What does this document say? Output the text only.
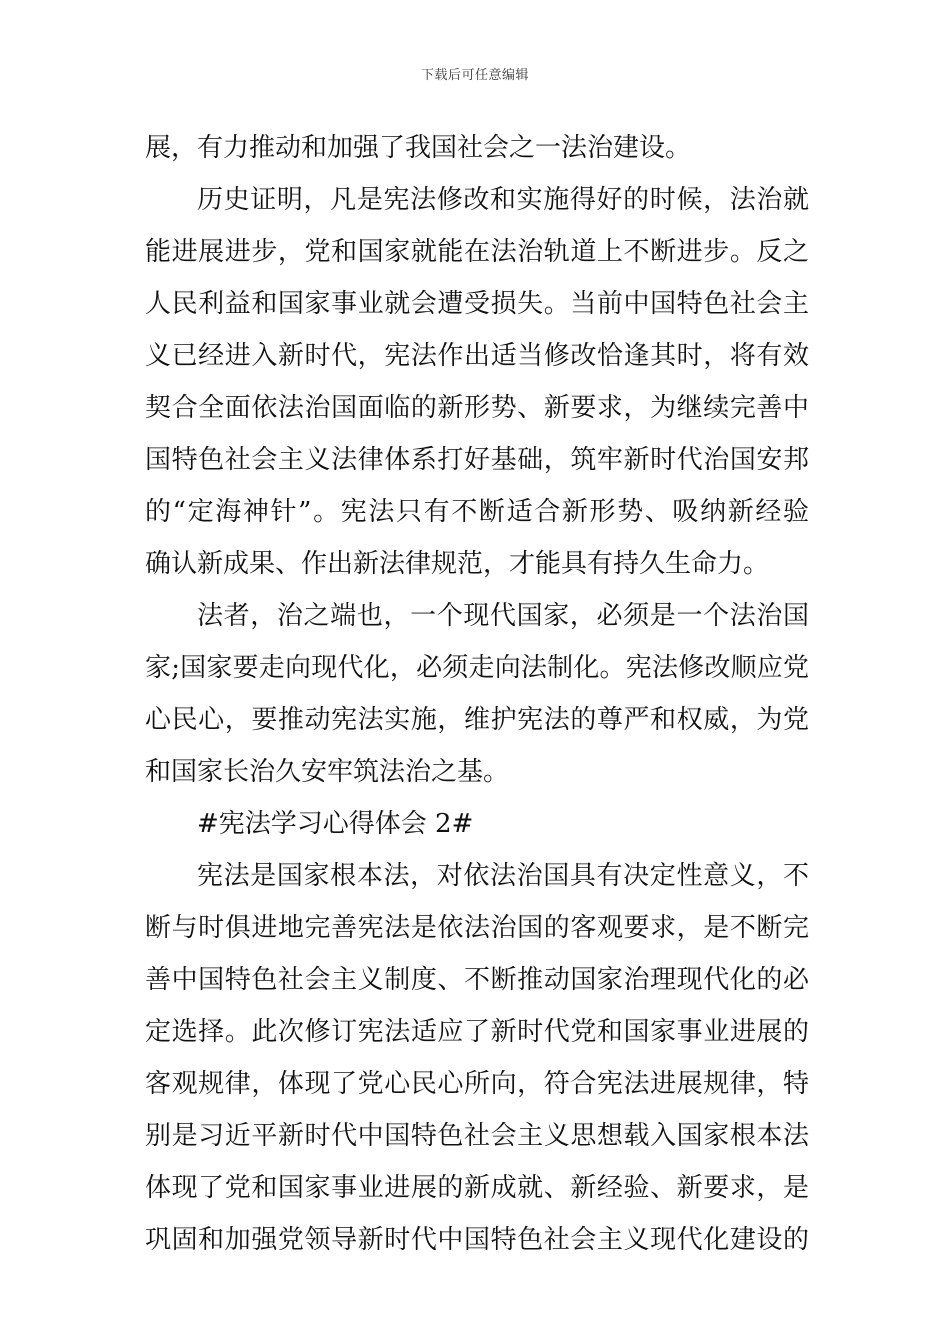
下载后可任意编辑
展，有力推动和加强了我国社会之一法治建设。
历史证明，凡是宪法修改和实施得好的时候，法治就
能进展进步，党和国家就能在法治轨道上不断进步。反之
人民利益和国家事业就会遭受损失。当前中国特色社会主
义已经进入新时代，宪法作出适当修改恰逢其时，将有效
契合全面依法治国面临的新形势、新要求，为继续完善中
国特色社会主义法律体系打好基础，筑牢新时代治国安邦
的“定海神针”。宪法只有不断适合新形势、吸纳新经验
确认新成果、作出新法律规范，才能具有持久生命力。
法者，治之端也，一个现代国家，必须是一个法治国
家;国家要走向现代化，必须走向法制化。宪法修改顺应党
心民心，要推动宪法实施，维护宪法的尊严和权威，为党
和国家长治久安牢筑法治之基。
#宪法学习心得体会 2#
宪法是国家根本法，对依法治国具有决定性意义，不
断与时俱进地完善宪法是依法治国的客观要求，是不断完
善中国特色社会主义制度、不断推动国家治理现代化的必
定选择。此次修订宪法适应了新时代党和国家事业进展的
客观规律，体现了党心民心所向，符合宪法进展规律，特
别是习近平新时代中国特色社会主义思想载入国家根本法
体现了党和国家事业进展的新成就、新经验、新要求，是
巩固和加强党领导新时代中国特色社会主义现代化建设的
